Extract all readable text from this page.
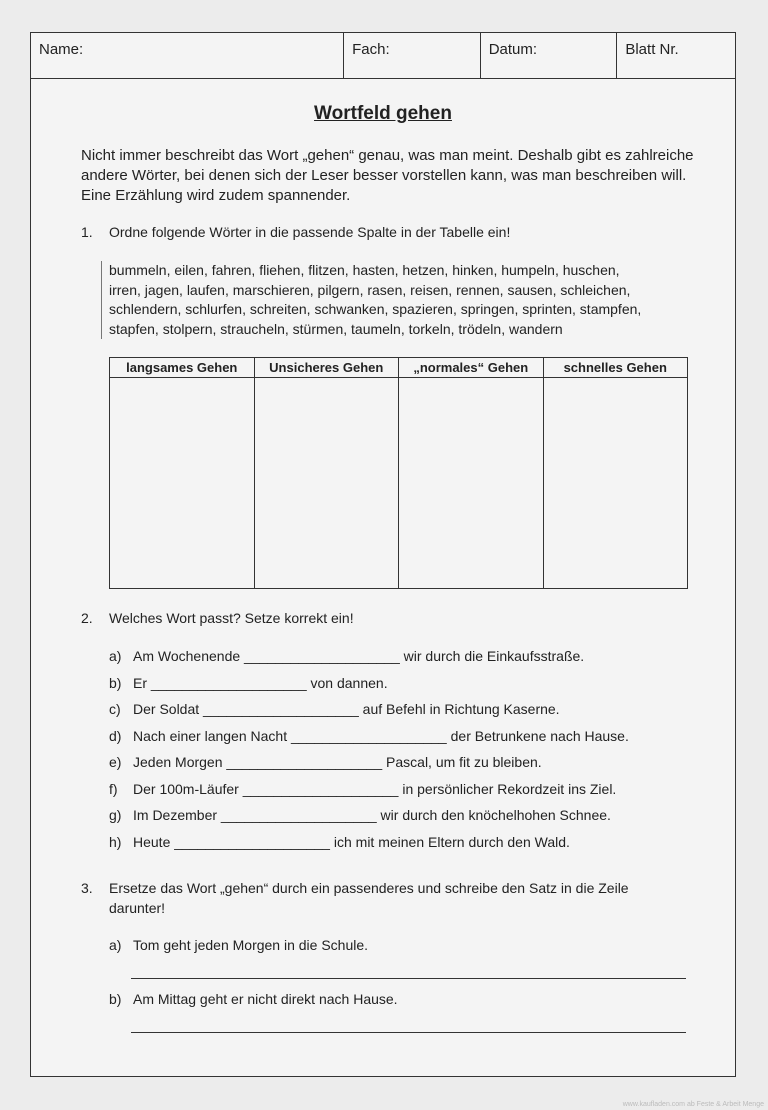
Name:	Fach:	Datum:	Blatt Nr.
Wortfeld gehen
Nicht immer beschreibt das Wort „gehen“ genau, was man meint. Deshalb gibt es zahlreiche andere Wörter, bei denen sich der Leser besser vorstellen kann, was man beschreiben will. Eine Erzählung wird zudem spannender.
1. Ordne folgende Wörter in die passende Spalte in der Tabelle ein!
bummeln, eilen, fahren, fliehen, flitzen, hasten, hetzen, hinken, humpeln, huschen,
irren, jagen, laufen, marschieren, pilgern, rasen, reisen, rennen, sausen, schleichen,
schlendern, schlurfen, schreiten, schwanken, spazieren, springen, sprinten, stampfen,
stapfen, stolpern, straucheln, stürmen, taumeln, torkeln, trödeln, wandern
langsames Gehen	Unsicheres Gehen	„normales“ Gehen	schnelles Gehen

2. Welches Wort passt? Setze korrekt ein!
a) Am Wochenende ____________________ wir durch die Einkaufsstraße.
b) Er ____________________ von dannen.
c) Der Soldat ____________________ auf Befehl in Richtung Kaserne.
d) Nach einer langen Nacht ____________________ der Betrunkene nach Hause.
e) Jeden Morgen ____________________ Pascal, um fit zu bleiben.
f) Der 100m-Läufer ____________________ in persönlicher Rekordzeit ins Ziel.
g) Im Dezember ____________________ wir durch den knöchelhohen Schnee.
h) Heute ____________________ ich mit meinen Eltern durch den Wald.
3. Ersetze das Wort „gehen“ durch ein passenderes und schreibe den Satz in die Zeile
darunter!
a) Tom geht jeden Morgen in die Schule.
b) Am Mittag geht er nicht direkt nach Hause.
www.kaufladen.com ab Feste & Arbeit Menge
